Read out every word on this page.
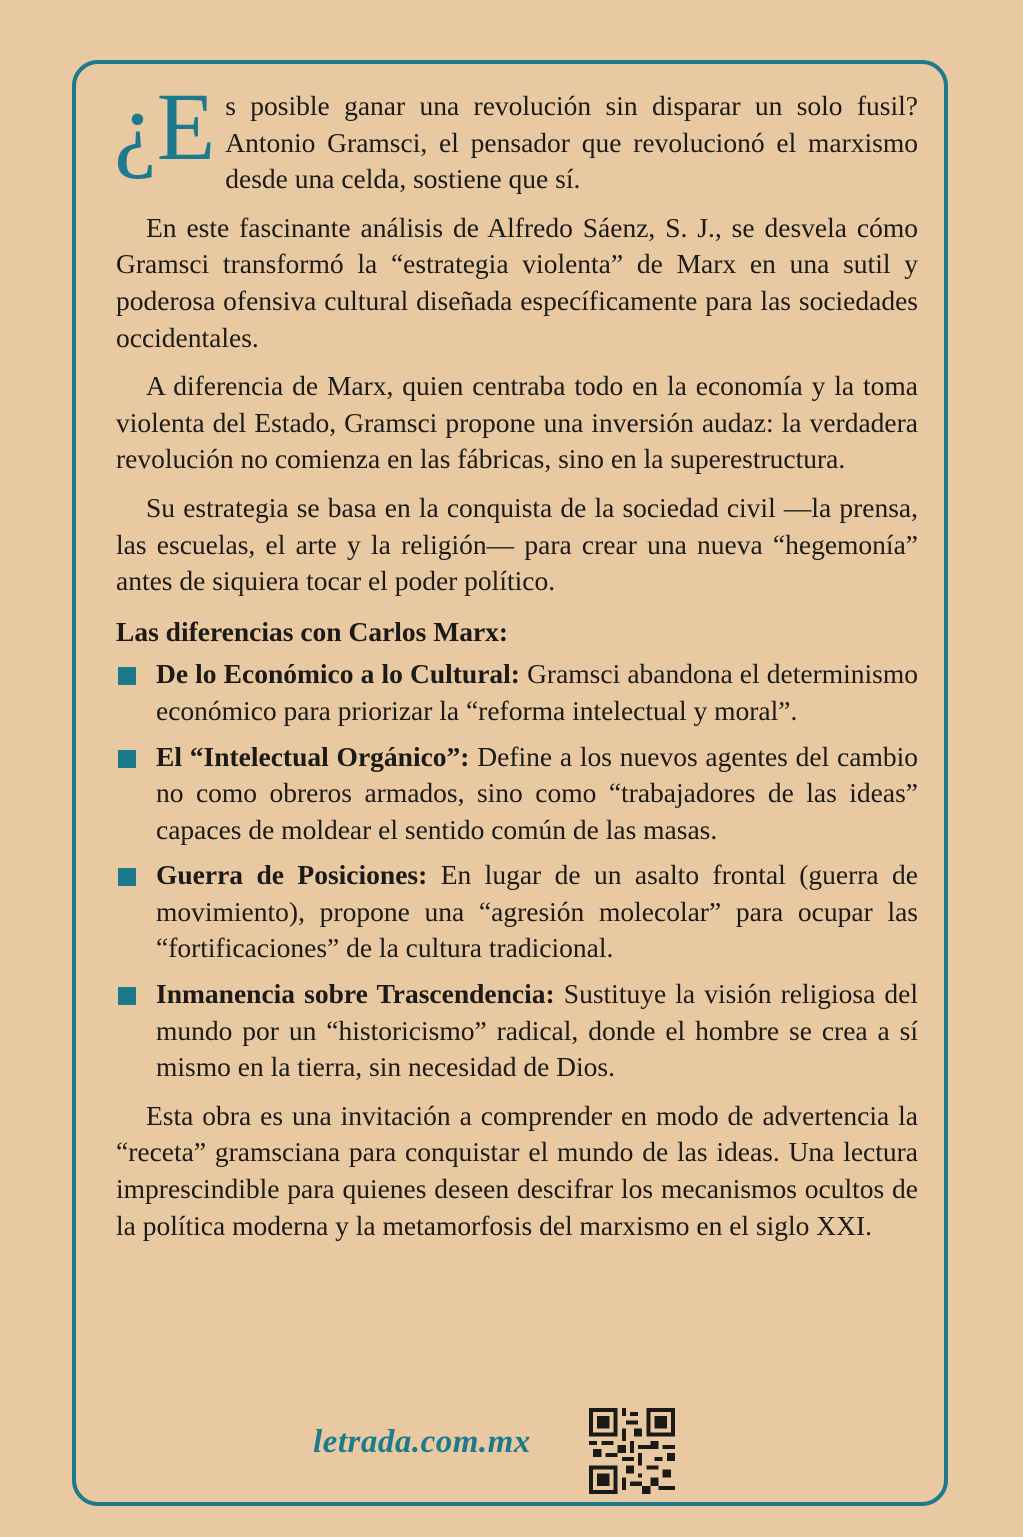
¿E s posible ganar una revolución sin disparar un solo fusil? Antonio Gramsci, el pensador que revolucionó el marxismo desde una celda, sostiene que sí.

En este fascinante análisis de Alfredo Sáenz, S. J., se desvela cómo Gramsci transformó la “estrategia violenta” de Marx en una sutil y poderosa ofensiva cultural diseñada específicamente para las sociedades occidentales.

A diferencia de Marx, quien centraba todo en la economía y la toma violenta del Estado, Gramsci propone una inversión audaz: la verdadera revolución no comienza en las fábricas, sino en la superestructura.

Su estrategia se basa en la conquista de la sociedad civil —la prensa, las escuelas, el arte y la religión— para crear una nueva “hegemonía” antes de siquiera tocar el poder político.

Las diferencias con Carlos Marx:
De lo Económico a lo Cultural: Gramsci abandona el determinismo económico para priorizar la “reforma intelectual y moral”.
El “Intelectual Orgánico”: Define a los nuevos agentes del cambio no como obreros armados, sino como “trabajadores de las ideas” capaces de moldear el sentido común de las masas.
Guerra de Posiciones: En lugar de un asalto frontal (guerra de movimiento), propone una “agresión molecolar” para ocupar las “fortificaciones” de la cultura tradicional.
Inmanencia sobre Trascendencia: Sustituye la visión religiosa del mundo por un “historicismo” radical, donde el hombre se crea a sí mismo en la tierra, sin necesidad de Dios.

Esta obra es una invitación a comprender en modo de advertencia la “receta” gramsciana para conquistar el mundo de las ideas. Una lectura imprescindible para quienes deseen descifrar los mecanismos ocultos de la política moderna y la metamorfosis del marxismo en el siglo XXI.

letrada.com.mx
